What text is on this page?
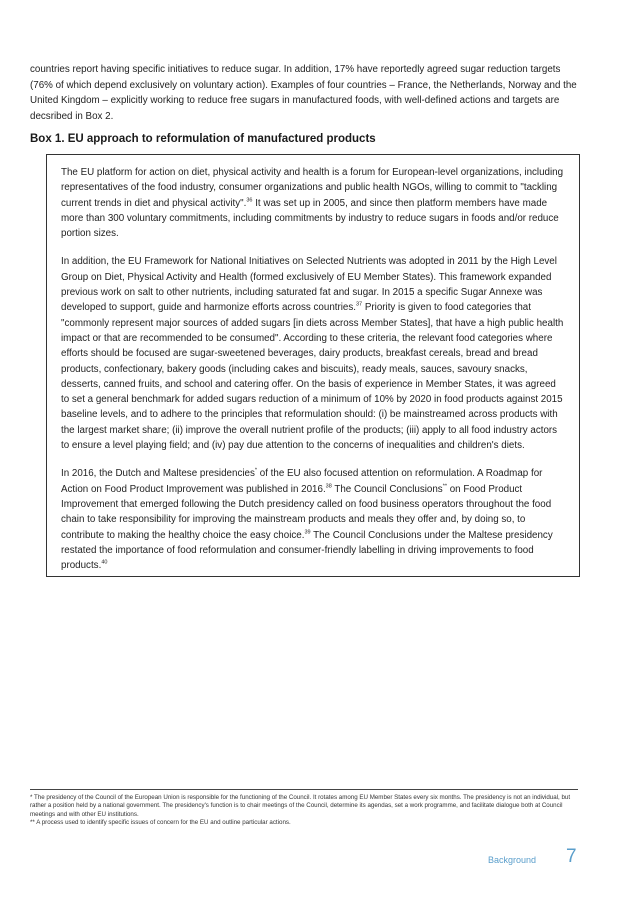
countries report having specific initiatives to reduce sugar. In addition, 17% have reportedly agreed sugar reduction targets (76% of which depend exclusively on voluntary action). Examples of four countries – France, the Netherlands, Norway and the United Kingdom – explicitly working to reduce free sugars in manufactured foods, with well-defined actions and targets are decsribed in Box 2.

Box 1. EU approach to reformulation of manufactured products

The EU platform for action on diet, physical activity and health is a forum for European-level organizations, including representatives of the food industry, consumer organizations and public health NGOs, willing to commit to "tackling current trends in diet and physical activity".$^{36}$ It was set up in 2005, and since then platform members have made more than 300 voluntary commitments, including commitments by industry to reduce sugars in foods and/or reduce portion sizes.

In addition, the EU Framework for National Initiatives on Selected Nutrients was adopted in 2011 by the High Level Group on Diet, Physical Activity and Health (formed exclusively of EU Member States). This framework expanded previous work on salt to other nutrients, including saturated fat and sugar. In 2015 a specific Sugar Annexe was developed to support, guide and harmonize efforts across countries.$^{37}$ Priority is given to food categories that "commonly represent major sources of added sugars [in diets across Member States], that have a high public health impact or that are recommended to be consumed". According to these criteria, the relevant food categories where efforts should be focused are sugar-sweetened beverages, dairy products, breakfast cereals, bread and bread products, confectionary, bakery goods (including cakes and biscuits), ready meals, sauces, savoury snacks, desserts, canned fruits, and school and catering offer. On the basis of experience in Member States, it was agreed to set a general benchmark for added sugars reduction of a minimum of 10% by 2020 in food products against 2015 baseline levels, and to adhere to the principles that reformulation should: (i) be mainstreamed across products with the largest market share; (ii) improve the overall nutrient profile of the products; (iii) apply to all food industry actors to ensure a level playing field; and (iv) pay due attention to the concerns of inequalities and children's diets.

In 2016, the Dutch and Maltese presidencies* of the EU also focused attention on reformulation. A Roadmap for Action on Food Product Improvement was published in 2016.38 The Council Conclusions** on Food Product Improvement that emerged following the Dutch presidency called on food business operators throughout the food chain to take responsibility for improving the mainstream products and meals they offer and, by doing so, to contribute to making the healthy choice the easy choice.$^{39}$ The Council Conclusions under the Maltese presidency restated the importance of food reformulation and consumer-friendly labelling in driving improvements to food products.$^{40}$

* The presidency of the Council of the European Union is responsible for the functioning of the Council. It rotates among EU Member States every six months. The presidency is not an individual, but rather a position held by a national government. The presidency's function is to chair meetings of the Council, determine its agendas, set a work programme, and facilitate dialogue both at Council meetings and with other EU institutions.

** A process used to identify specific issues of concern for the EU and outline particular actions.

Background 7
